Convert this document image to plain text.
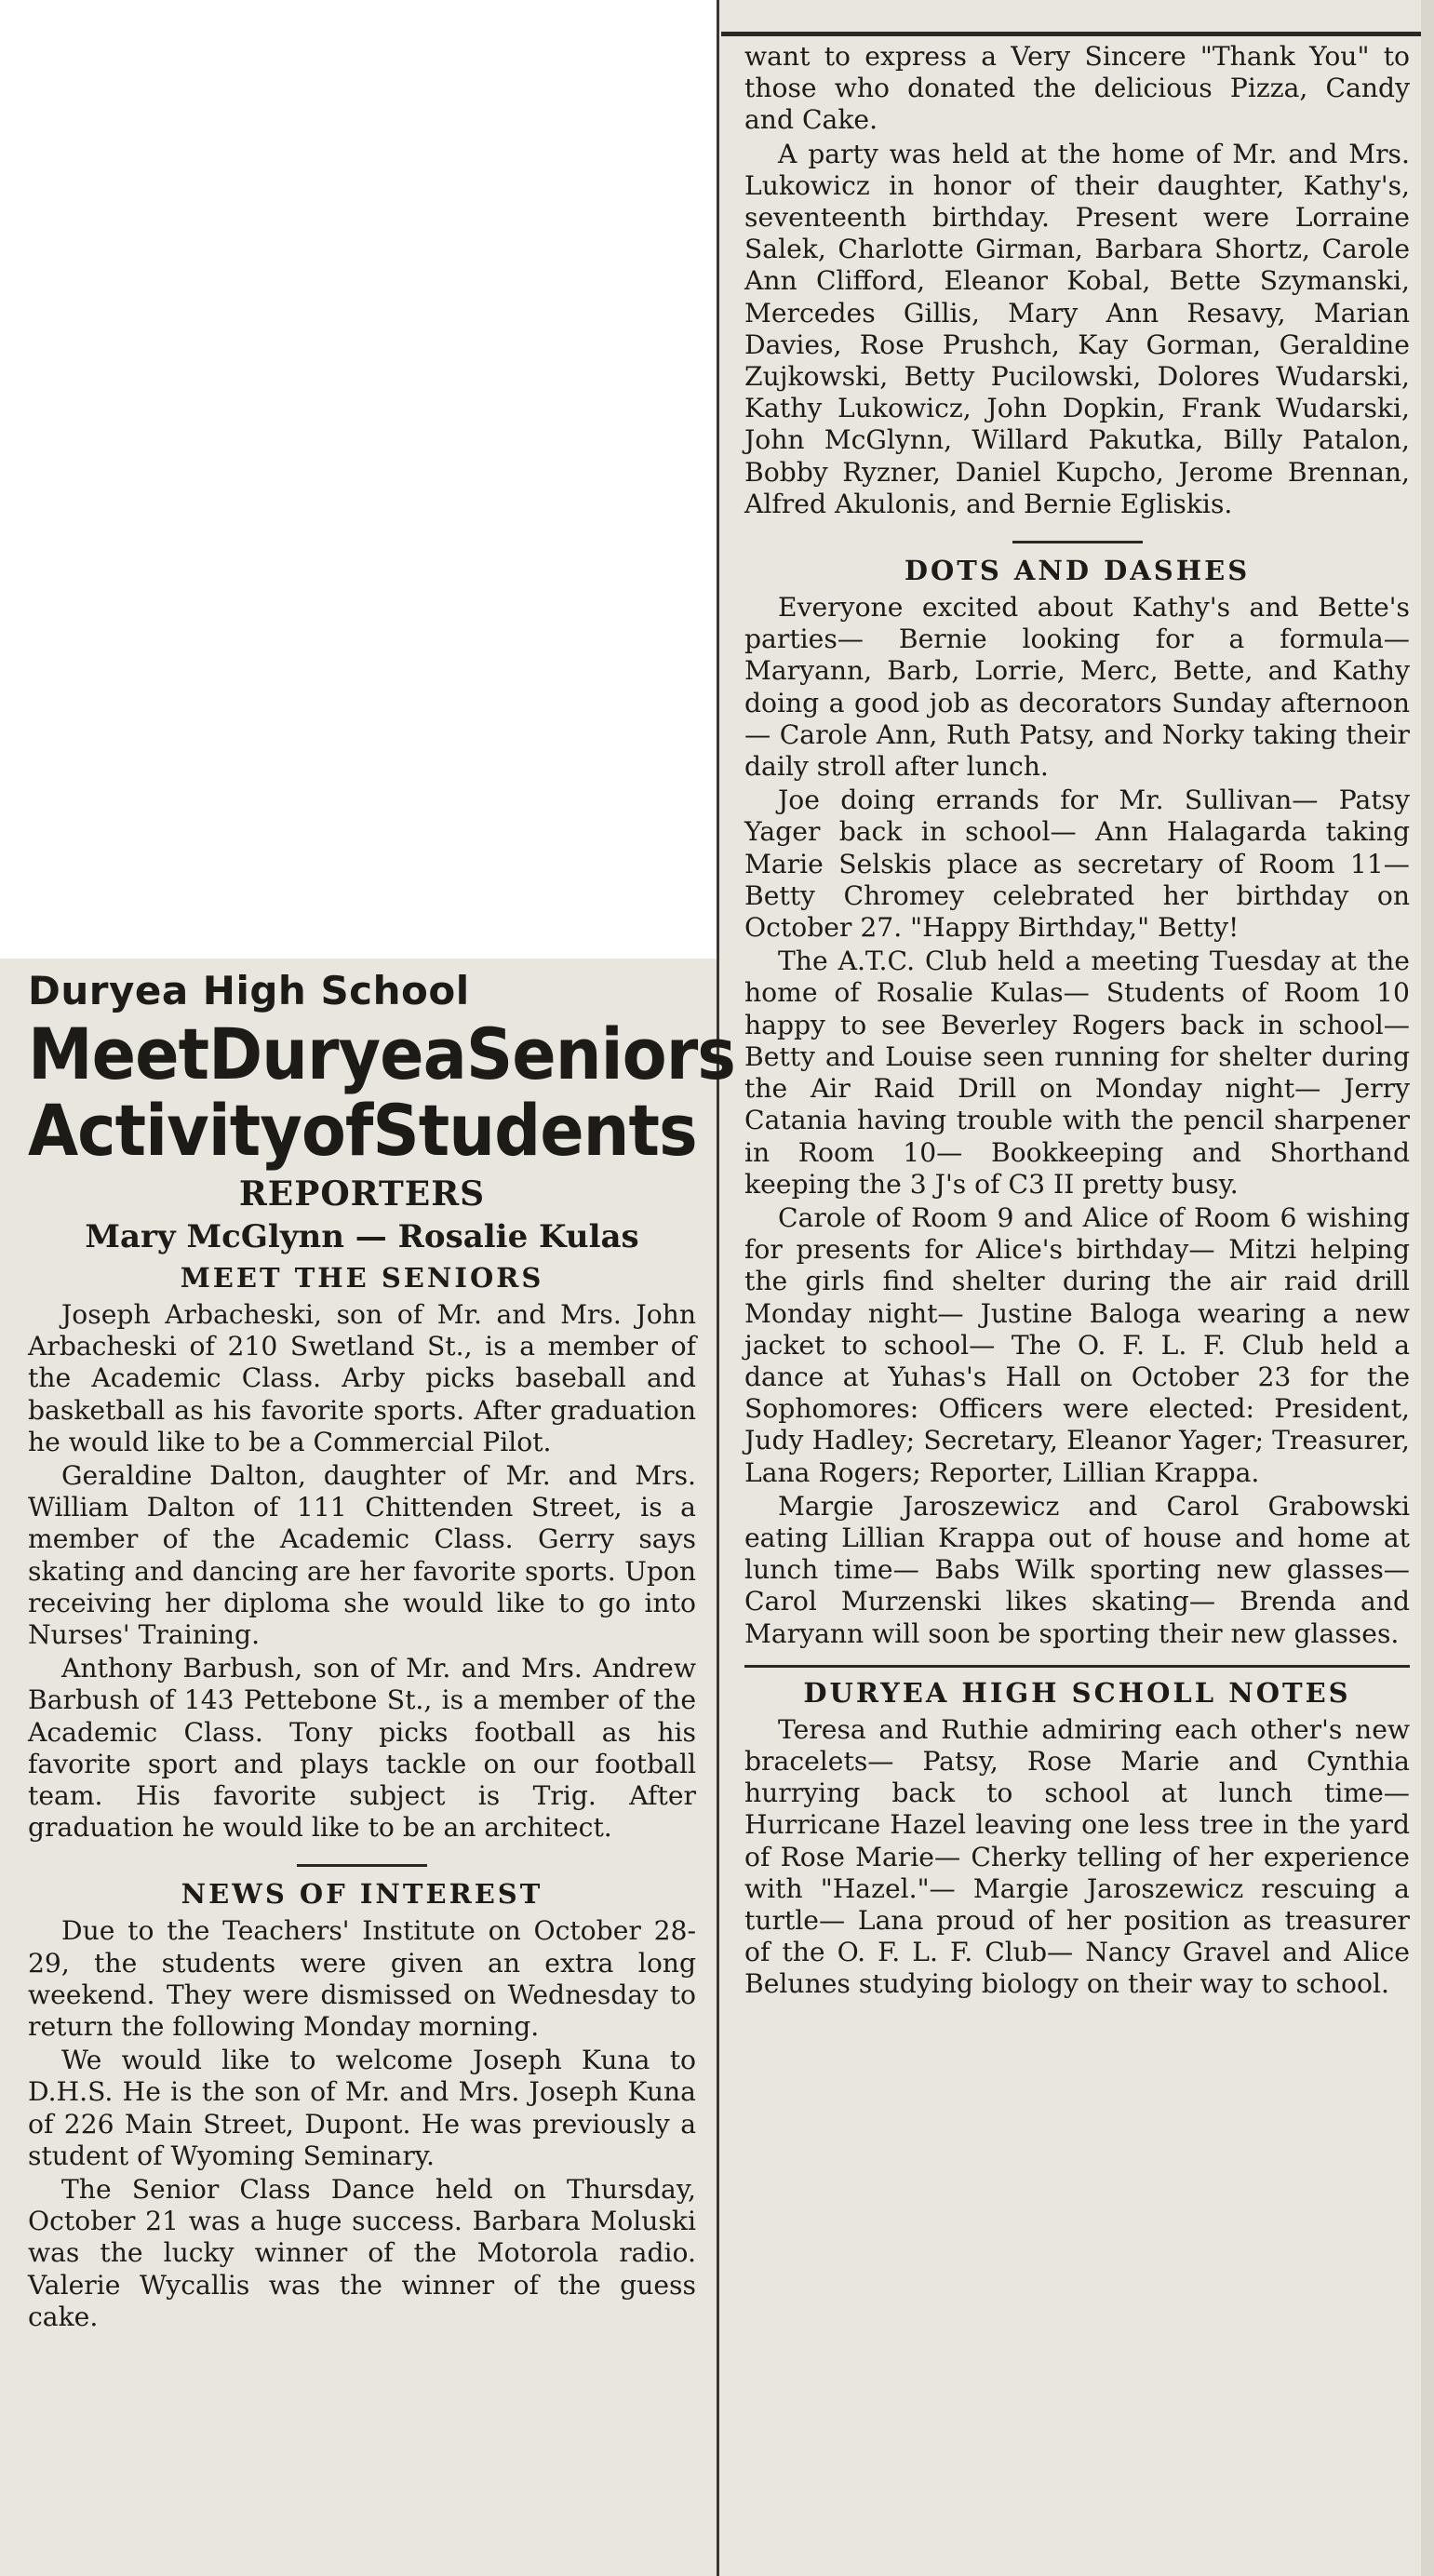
Duryea High School
Meet Duryea Seniors
Activity of Students
REPORTERS
Mary McGlynn — Rosalie Kulas
MEET THE SENIORS

Joseph Arbacheski, son of Mr. and Mrs. John Arbacheski of 210 Swetland St., is a member of the Academic Class. Arby picks baseball and basketball as his favorite sports. After graduation he would like to be a Commercial Pilot.

Geraldine Dalton, daughter of Mr. and Mrs. William Dalton of 111 Chittenden Street, is a member of the Academic Class. Gerry says skating and dancing are her favorite sports. Upon receiving her diploma she would like to go into Nurses' Training.

Anthony Barbush, son of Mr. and Mrs. Andrew Barbush of 143 Pettebone St., is a member of the Academic Class. Tony picks football as his favorite sport and plays tackle on our football team. His favorite subject is Trig. After graduation he would like to be an architect.

NEWS OF INTEREST

Due to the Teachers' Institute on October 28-29, the students were given an extra long weekend. They were dismissed on Wednesday to return the following Monday morning.

We would like to welcome Joseph Kuna to D.H.S. He is the son of Mr. and Mrs. Joseph Kuna of 226 Main Street, Dupont. He was previously a student of Wyoming Seminary.

The Senior Class Dance held on Thursday, October 21 was a huge success. Barbara Moluski was the lucky winner of the Motorola radio. Valerie Wycallis was the winner of the guess cake.

want to express a Very Sincere "Thank You" to those who donated the delicious Pizza, Candy and Cake.

A party was held at the home of Mr. and Mrs. Lukowicz in honor of their daughter, Kathy's, seventeenth birthday. Present were Lorraine Salek, Charlotte Girman, Barbara Shortz, Carole Ann Clifford, Eleanor Kobal, Bette Szymanski, Mercedes Gillis, Mary Ann Resavy, Marian Davies, Rose Prushch, Kay Gorman, Geraldine Zujkowski, Betty Pucilowski, Dolores Wudarski, Kathy Lukowicz, John Dopkin, Frank Wudarski, John McGlynn, Willard Pakutka, Billy Patalon, Bobby Ryzner, Daniel Kupcho, Jerome Brennan, Alfred Akulonis, and Bernie Egliskis.

DOTS AND DASHES

Everyone excited about Kathy's and Bette's parties— Bernie looking for a formula— Maryann, Barb, Lorrie, Merc, Bette, and Kathy doing a good job as decorators Sunday afternoon— Carole Ann, Ruth Patsy, and Norky taking their daily stroll after lunch.

Joe doing errands for Mr. Sullivan— Patsy Yager back in school— Ann Halagarda taking Marie Selskis place as secretary of Room 11— Betty Chromey celebrated her birthday on October 27. "Happy Birthday," Betty!

The A.T.C. Club held a meeting Tuesday at the home of Rosalie Kulas— Students of Room 10 happy to see Beverley Rogers back in school— Betty and Louise seen running for shelter during the Air Raid Drill on Monday night— Jerry Catania having trouble with the pencil sharpener in Room 10— Bookkeeping and Shorthand keeping the 3 J's of C3 II pretty busy.

Carole of Room 9 and Alice of Room 6 wishing for presents for Alice's birthday— Mitzi helping the girls find shelter during the air raid drill Monday night— Justine Baloga wearing a new jacket to school— The O. F. L. F. Club held a dance at Yuhas's Hall on October 23 for the Sophomores: Officers were elected: President, Judy Hadley; Secretary, Eleanor Yager; Treasurer, Lana Rogers; Reporter, Lillian Krappa.

Margie Jaroszewicz and Carol Grabowski eating Lillian Krappa out of house and home at lunch time— Babs Wilk sporting new glasses— Carol Murzenski likes skating— Brenda and Maryann will soon be sporting their new glasses.

DURYEA HIGH SCHOLL NOTES

Teresa and Ruthie admiring each other's new bracelets— Patsy, Rose Marie and Cynthia hurrying back to school at lunch time— Hurricane Hazel leaving one less tree in the yard of Rose Marie— Cherky telling of her experience with "Hazel."— Margie Jaroszewicz rescuing a turtle— Lana proud of her position as treasurer of the O. F. L. F. Club— Nancy Gravel and Alice Belunes studying biology on their way to school.
